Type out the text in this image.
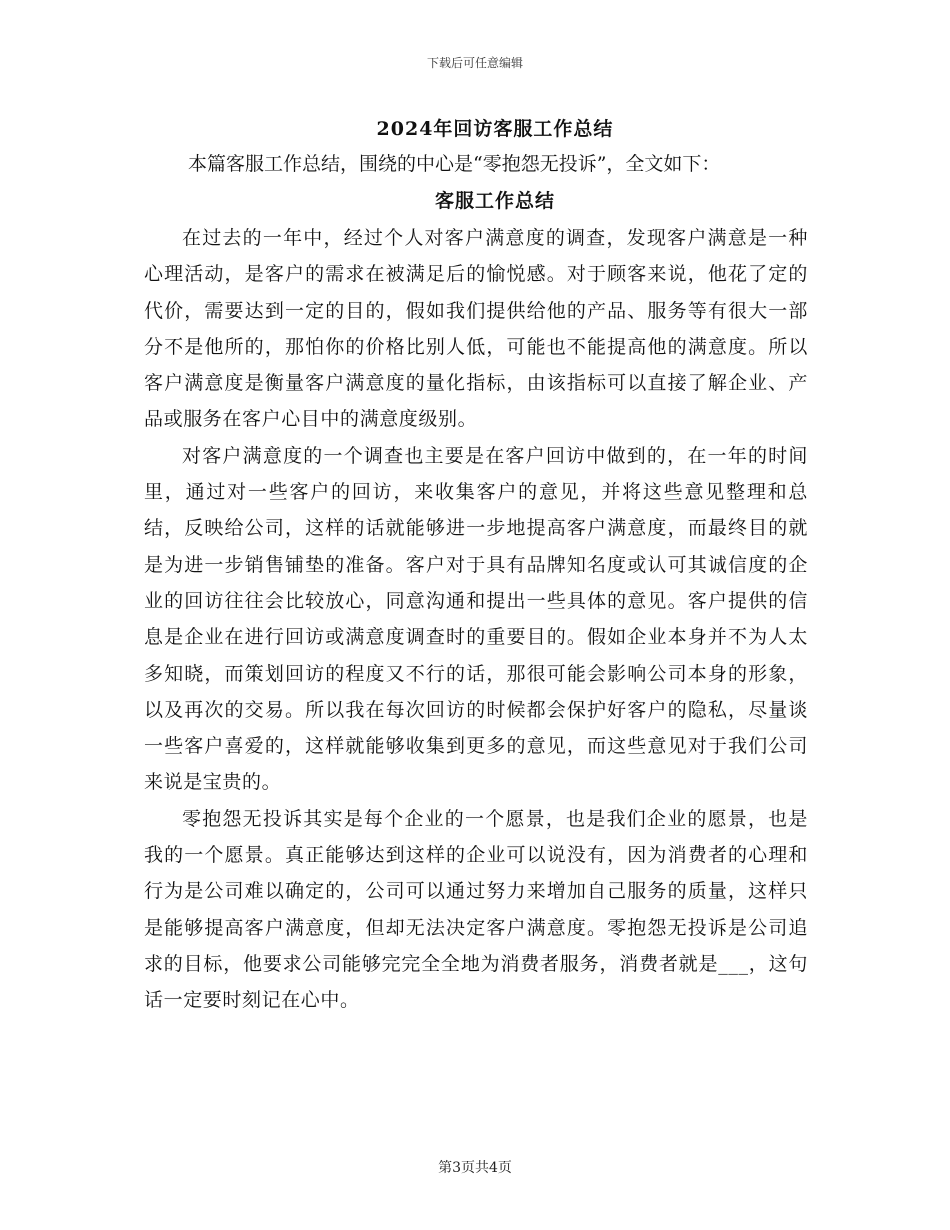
下载后可任意编辑
2024年回访客服工作总结
本篇客服工作总结，围绕的中心是“零抱怨无投诉”，全文如下：
客服工作总结

在过去的一年中，经过个人对客户满意度的调查，发现客户满意是一种心理活动，是客户的需求在被满足后的愉悦感。对于顾客来说，他花了定的代价，需要达到一定的目的，假如我们提供给他的产品、服务等有很大一部分不是他所的，那怕你的价格比别人低，可能也不能提高他的满意度。所以客户满意度是衡量客户满意度的量化指标，由该指标可以直接了解企业、产品或服务在客户心目中的满意度级别。

对客户满意度的一个调查也主要是在客户回访中做到的，在一年的时间里，通过对一些客户的回访，来收集客户的意见，并将这些意见整理和总结，反映给公司，这样的话就能够进一步地提高客户满意度，而最终目的就是为进一步销售铺垫的准备。客户对于具有品牌知名度或认可其诚信度的企业的回访往往会比较放心，同意沟通和提出一些具体的意见。客户提供的信息是企业在进行回访或满意度调查时的重要目的。假如企业本身并不为人太多知晓，而策划回访的程度又不行的话，那很可能会影响公司本身的形象，以及再次的交易。所以我在每次回访的时候都会保护好客户的隐私，尽量谈一些客户喜爱的，这样就能够收集到更多的意见，而这些意见对于我们公司来说是宝贵的。

零抱怨无投诉其实是每个企业的一个愿景，也是我们企业的愿景，也是我的一个愿景。真正能够达到这样的企业可以说没有，因为消费者的心理和行为是公司难以确定的，公司可以通过努力来增加自己服务的质量，这样只是能够提高客户满意度，但却无法决定客户满意度。零抱怨无投诉是公司追求的目标，他要求公司能够完完全全地为消费者服务，消费者就是___，这句话一定要时刻记在心中。

第3页共4页
